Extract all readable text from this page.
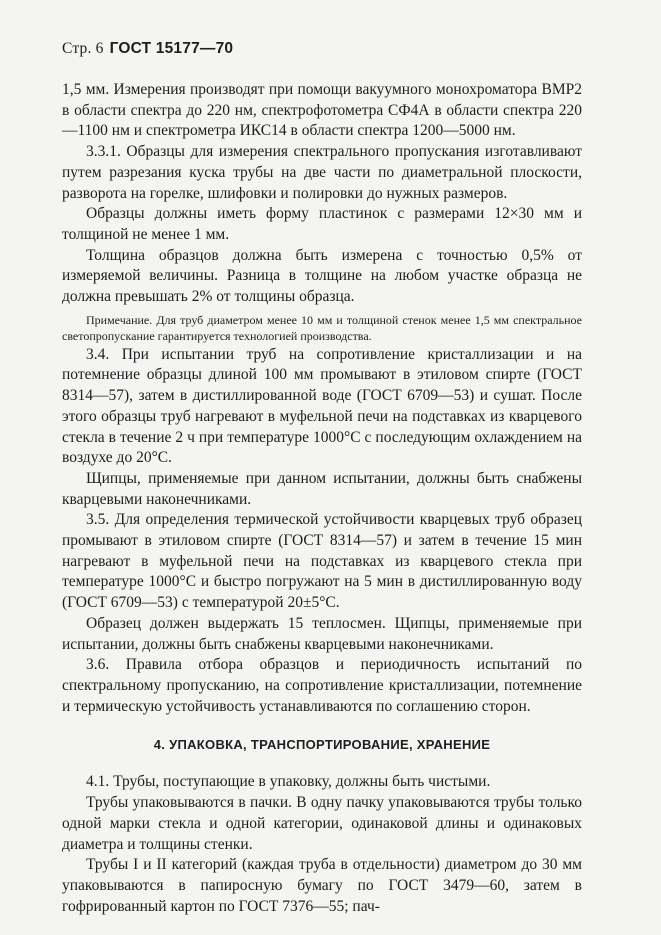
Стр. 6 ГОСТ 15177—70

1,5 мм. Измерения производят при помощи вакуумного монохроматора ВМР2 в области спектра до 220 нм, спектрофотометра СФ4А в области спектра 220—1100 нм и спектрометра ИКС14 в области спектра 1200—5000 нм.

3.3.1. Образцы для измерения спектрального пропускания изготавливают путем разрезания куска трубы на две части по диаметральной плоскости, разворота на горелке, шлифовки и полировки до нужных размеров.

Образцы должны иметь форму пластинок с размерами 12×30 мм и толщиной не менее 1 мм.

Толщина образцов должна быть измерена с точностью 0,5% от измеряемой величины. Разница в толщине на любом участке образца не должна превышать 2% от толщины образца.

Примечание. Для труб диаметром менее 10 мм и толщиной стенок менее 1,5 мм спектральное светопропускание гарантируется технологией производства.

3.4. При испытании труб на сопротивление кристаллизации и на потемнение образцы длиной 100 мм промывают в этиловом спирте (ГОСТ 8314—57), затем в дистиллированной воде (ГОСТ 6709—53) и сушат. После этого образцы труб нагревают в муфельной печи на подставках из кварцевого стекла в течение 2 ч при температуре 1000°С с последующим охлаждением на воздухе до 20°С.

Щипцы, применяемые при данном испытании, должны быть снабжены кварцевыми наконечниками.

3.5. Для определения термической устойчивости кварцевых труб образец промывают в этиловом спирте (ГОСТ 8314—57) и затем в течение 15 мин нагревают в муфельной печи на подставках из кварцевого стекла при температуре 1000°С и быстро погружают на 5 мин в дистиллированную воду (ГОСТ 6709—53) с температурой 20±5°С.

Образец должен выдержать 15 теплосмен. Щипцы, применяемые при испытании, должны быть снабжены кварцевыми наконечниками.

3.6. Правила отбора образцов и периодичность испытаний по спектральному пропусканию, на сопротивление кристаллизации, потемнение и термическую устойчивость устанавливаются по соглашению сторон.

4. УПАКОВКА, ТРАНСПОРТИРОВАНИЕ, ХРАНЕНИЕ

4.1. Трубы, поступающие в упаковку, должны быть чистыми.

Трубы упаковываются в пачки. В одну пачку упаковываются трубы только одной марки стекла и одной категории, одинаковой длины и одинаковых диаметра и толщины стенки.

Трубы I и II категорий (каждая труба в отдельности) диаметром до 30 мм упаковываются в папиросную бумагу по ГОСТ 3479—60, затем в гофрированный картон по ГОСТ 7376—55; пач-
